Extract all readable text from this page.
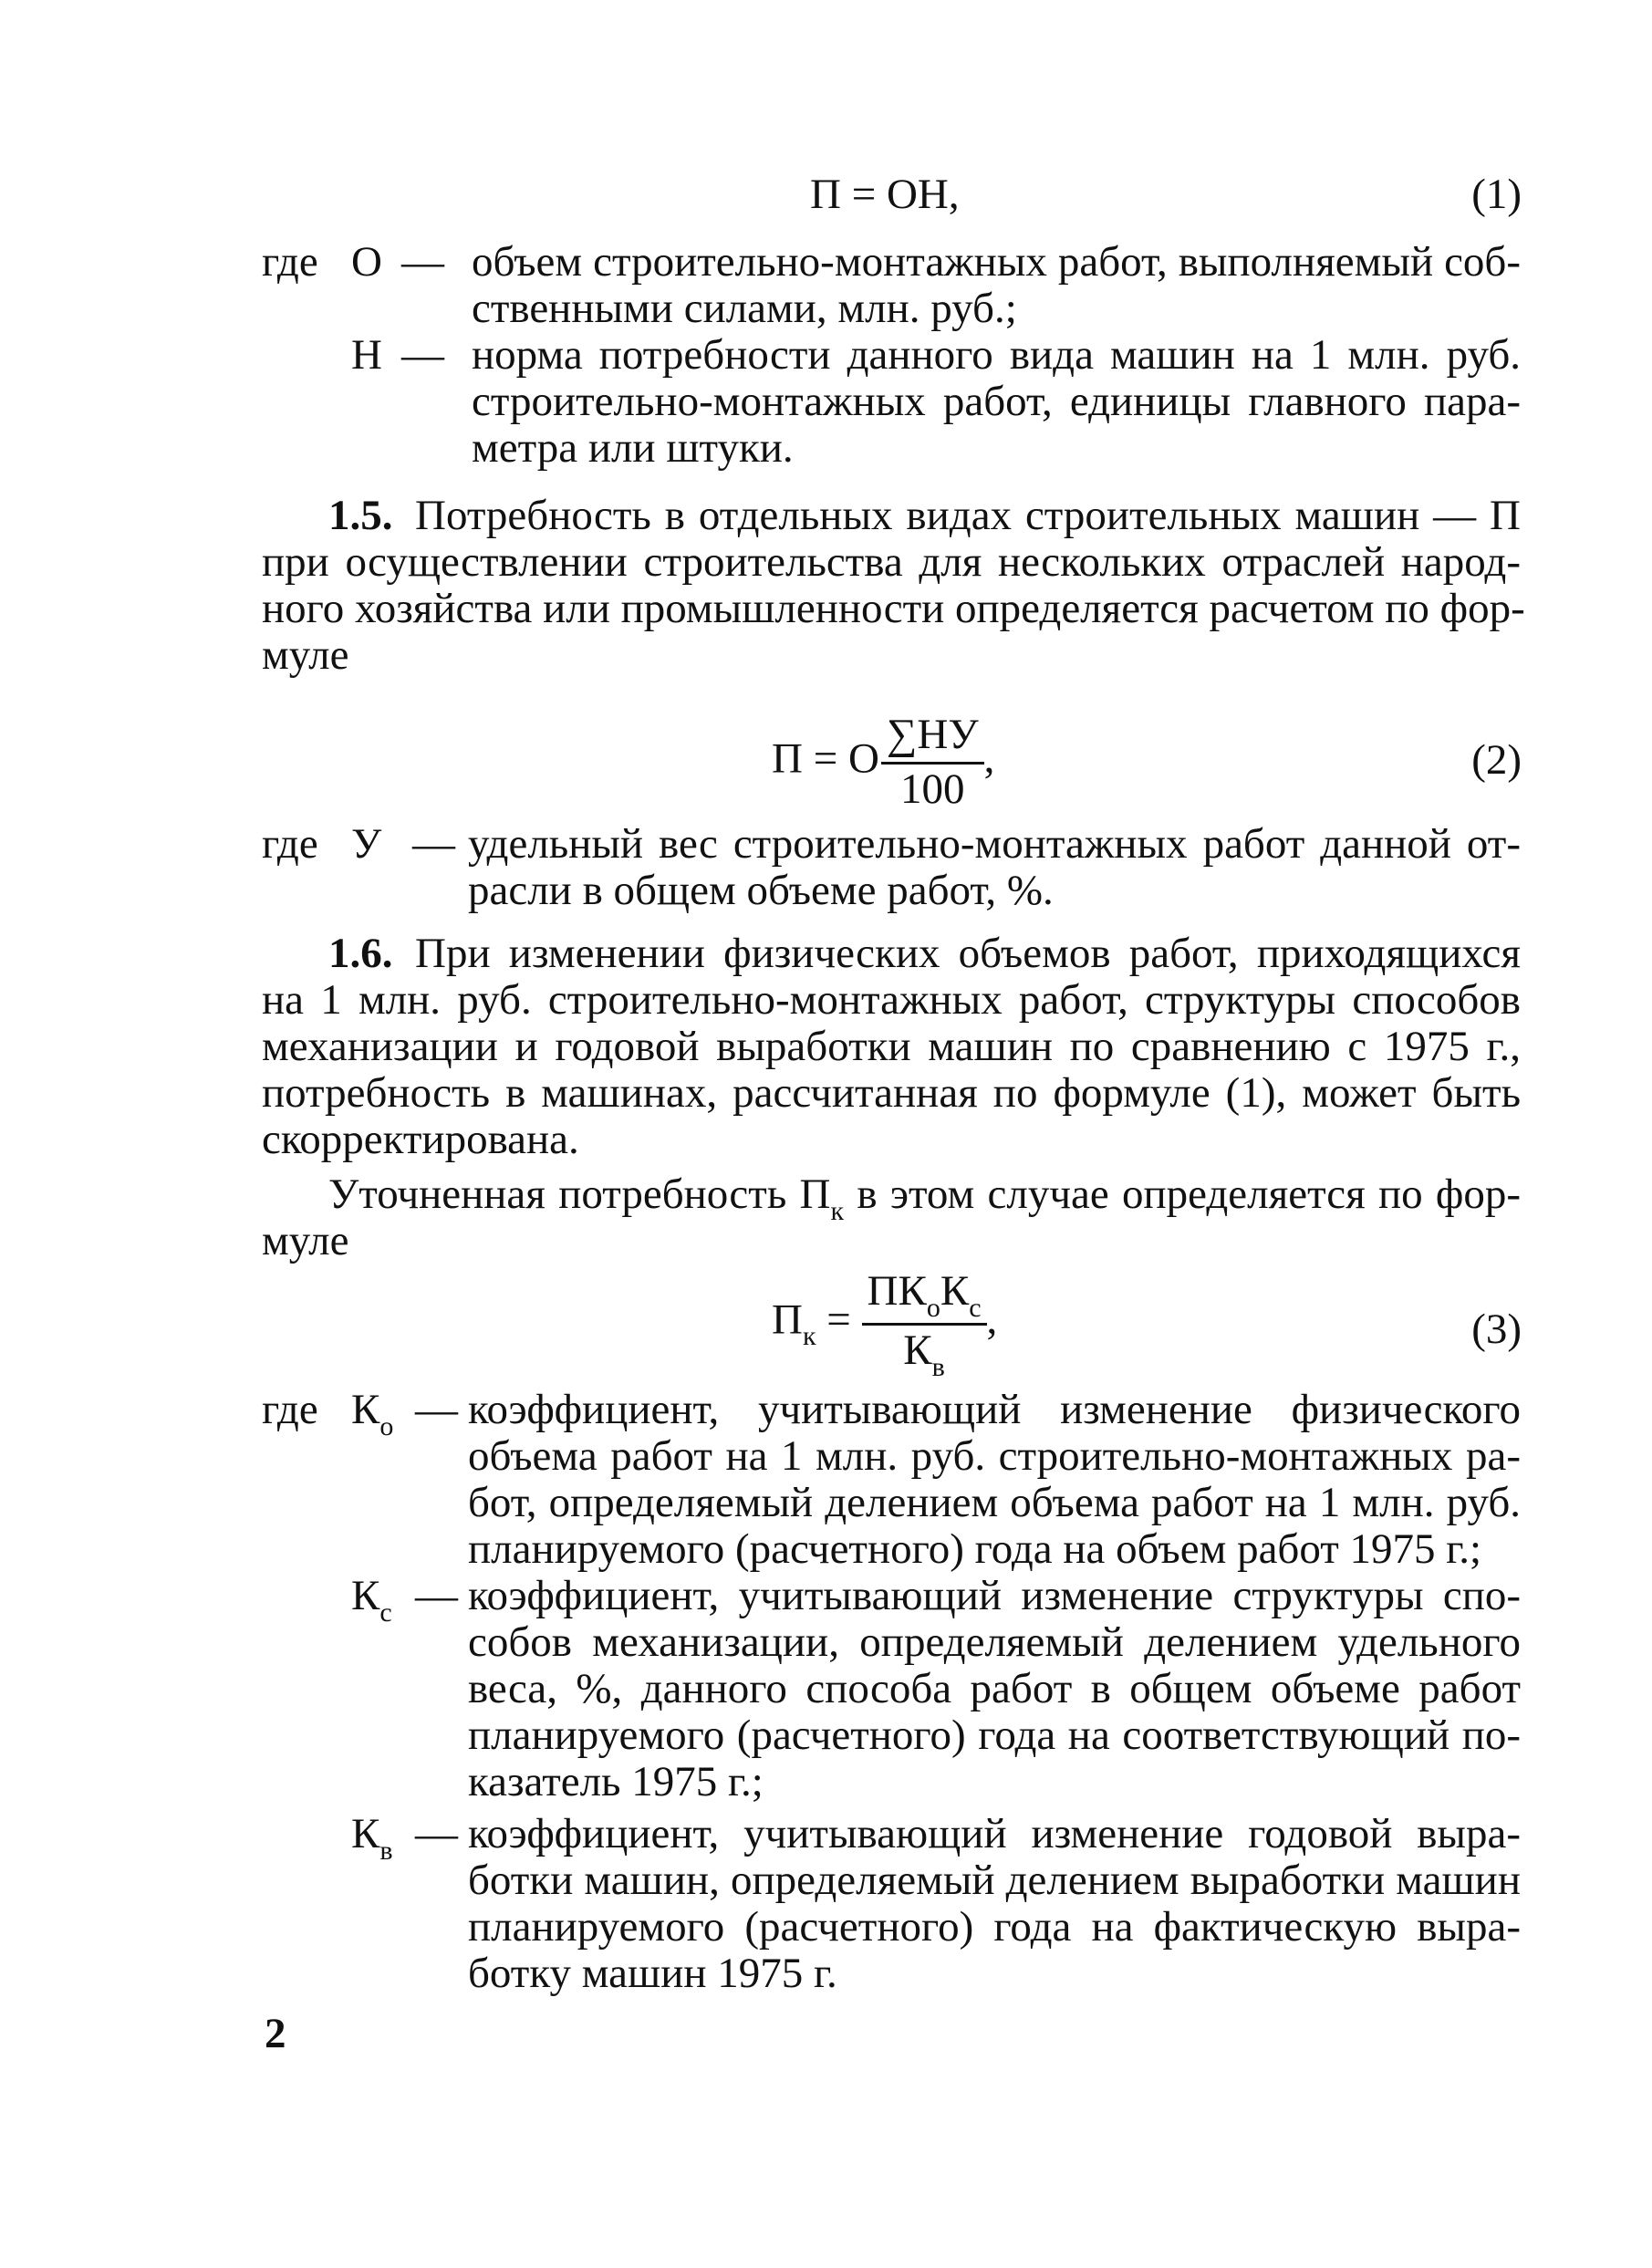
П = ОН,	(1)
где О — объем строительно-монтажных работ, выполняемый соб-
ственными силами, млн. руб.;
Н — норма потребности данного вида машин на 1 млн. руб.
строительно-монтажных работ, единицы главного пара-
метра или штуки.
1.5. Потребность в отдельных видах строительных машин — П
при осуществлении строительства для нескольких отраслей народ-
ного хозяйства или промышленности определяется расчетом по фор-
муле
П = О $\frac{\sum НУ}{100}$ ,	(2)
где У — удельный вес строительно-монтажных работ данной от-
расли в общем объеме работ, %.
1.6. При изменении физических объемов работ, приходящихся
на 1 млн. руб. строительно-монтажных работ, структуры способов
механизации и годовой выработки машин по сравнению с 1975 г.,
потребность в машинах, рассчитанная по формуле (1), может быть
скорректирована.
Уточненная потребность $П_к$ в этом случае определяется по фор-
муле
$П_к = \frac{ПК_оК_с}{К_в}$ ,	(3)
где $К_о$ — коэффициент, учитывающий изменение физического
объема работ на 1 млн. руб. строительно-монтажных ра-
бот, определяемый делением объема работ на 1 млн. руб.
планируемого (расчетного) года на объем работ 1975 г.;
$К_с$ — коэффициент, учитывающий изменение структуры спо-
собов механизации, определяемый делением удельного
веса, %, данного способа работ в общем объеме работ
планируемого (расчетного) года на соответствующий по-
казатель 1975 г.;
$К_в$ — коэффициент, учитывающий изменение годовой выра-
ботки машин, определяемый делением выработки машин
планируемого (расчетного) года на фактическую выра-
ботку машин 1975 г.
2
